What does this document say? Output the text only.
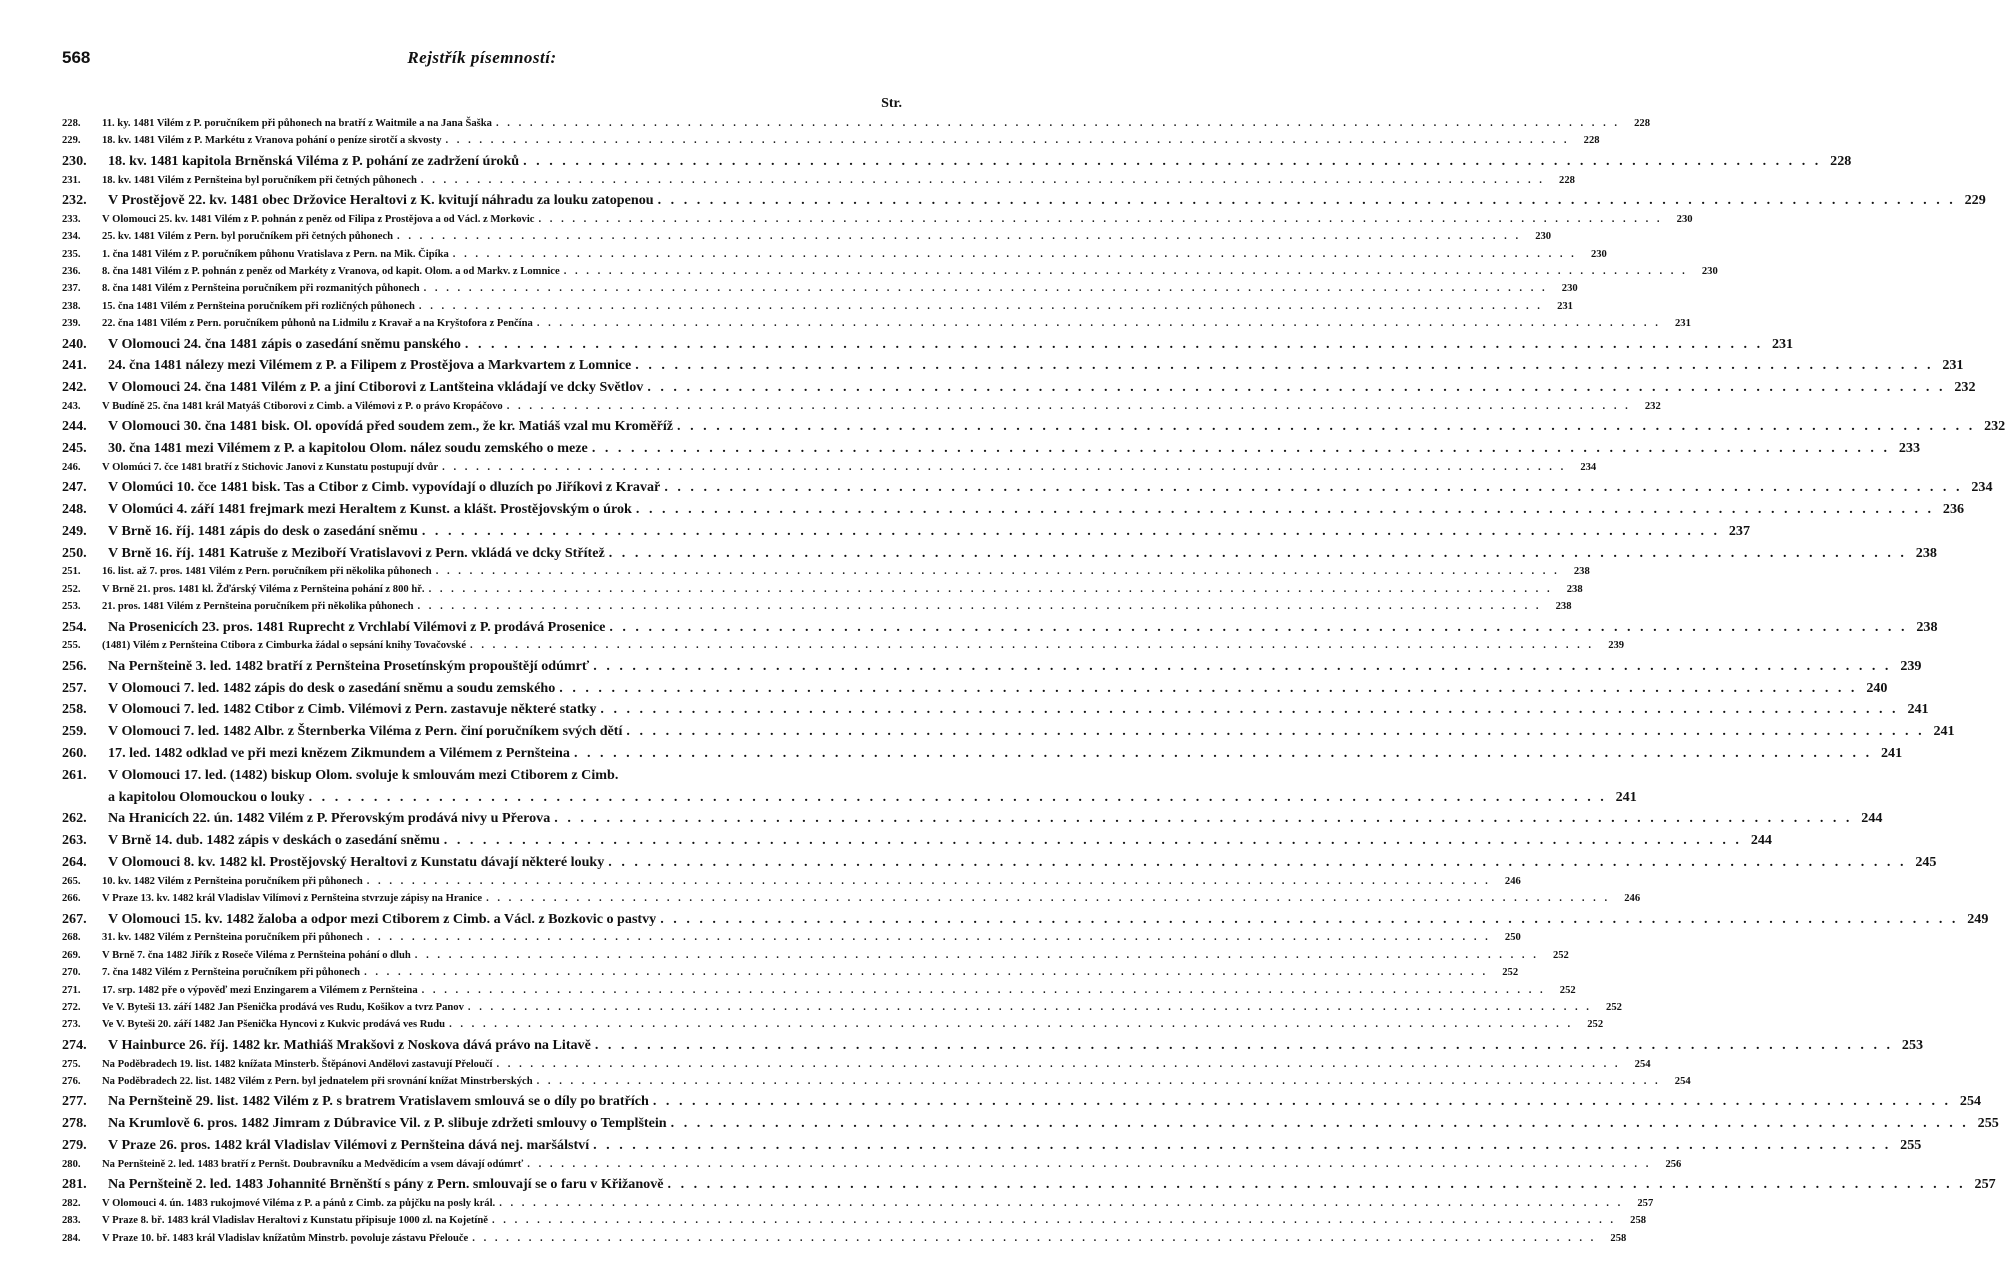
568	Rejstřík písemností:
Str.
228.	11. ky. 1481 Vilém z P. poručníkem při půhonech na bratří z Waitmile a na Jana Šaška . . .	228
229.	18. kv. 1481 Vilém z P. Markétu z Vranova pohání o peníze sirotčí a skvosty . . .	228
230.	18. kv. 1481 kapitola Brněnská Viléma z P. pohání ze zadržení úroků . . .	228
231.	18. kv. 1481 Vilém z Pernšteina byl poručníkem při četných půhonech . . .	228
232.	V Prostějově 22. kv. 1481 obec Držovice Heraltovi z K. kvitují náhradu za louku zatopenou . . .	229
233.	V Olomouci 25. kv. 1481 Vilém z P. pohnán z peněz od Filipa z Prostějova a od Václ. z Morkovic . . .	230
234.	25. kv. 1481 Vilém z Pern. byl poručníkem při četných půhonech . . .	230
235.	1. čna 1481 Vilém z P. poručníkem půhonu Vratislava z Pern. na Mik. Čipíka . . .	230
236.	8. čna 1481 Vilém z P. pohnán z peněz od Markéty z Vranova, od kapit. Olom. a od Markv. z Lomnice . . .	230
237.	8. čna 1481 Vilém z Pernšteina poručníkem při rozmanitých půhonech . . .	230
238.	15. čna 1481 Vilém z Pernšteina poručníkem při rozličných půhonech . . .	231
239.	22. čna 1481 Vilém z Pern. poručníkem půhonů na Lidmilu z Kravař a na Kryštofora z Penčína . . .	231
240.	V Olomouci 24. čna 1481 zápis o zasedání sněmu panského . . .	231
241.	24. čna 1481 nálezy mezi Vilémem z P. a Filipem z Prostějova a Markvartem z Lomnice . . .	231
242.	V Olomouci 24. čna 1481 Vilém z P. a jiní Ctiborovi z Lantšteina vkládají ve dcky Světlov . . .	232
243.	V Budíně 25. čna 1481 král Matyáš Ctiborovi z Cimb. a Vilémovi z P. o právo Kropáčovo . . .	232
244.	V Olomouci 30. čna 1481 bisk. Ol. opovídá před soudem zem., že kr. Matiáš vzal mu Kroměříž . . .	232
245.	30. čna 1481 mezi Vilémem z P. a kapitolou Olom. nález soudu zemského o meze . . .	233
246.	V Olomúci 7. čce 1481 bratří z Stichovic Janovi z Kunstatu postupují dvůr . . .	234
247.	V Olomúci 10. čce 1481 bisk. Tas a Ctibor z Cimb. vypovídají o dluzích po Jiříkovi z Kravař . . .	234
248.	V Olomúci 4. září 1481 frejmark mezi Heraltem z Kunst. a klášt. Prostějovským o úrok . . .	236
249.	V Brně 16. říj. 1481 zápis do desk o zasedání sněmu . . .	237
250.	V Brně 16. říj. 1481 Katruše z Meziboří Vratislavovi z Pern. vkládá ve dcky Střítež . . .	238
251.	16. list. až 7. pros. 1481 Vilém z Pern. poručníkem při několika půhonech . . .	238
252.	V Brně 21. pros. 1481 kl. Žďárský Viléma z Pernšteina pohání z 800 hř. . . .	238
253.	21. pros. 1481 Vilém z Pernšteina poručníkem při několika půhonech . . .	238
254.	Na Prosenicích 23. pros. 1481 Ruprecht z Vrchlabí Vilémovi z P. prodává Prosenice . . .	238
255.	(1481) Vilém z Pernšteina Ctibora z Cimburka žádal o sepsání knihy Tovačovské . . .	239
256.	Na Pernšteině 3. led. 1482 bratří z Pernšteina Prosetínským propouštějí odúmrť . . .	239
257.	V Olomouci 7. led. 1482 zápis do desk o zasedání sněmu a soudu zemského . . .	240
258.	V Olomouci 7. led. 1482 Ctibor z Cimb. Vilémovi z Pern. zastavuje některé statky . . .	241
259.	V Olomouci 7. led. 1482 Albr. z Šternberka Viléma z Pern. činí poručníkem svých dětí . . .	241
260.	17. led. 1482 odklad ve při mezi knězem Zikmundem a Vilémem z Pernšteina . . .	241
261.	V Olomouci 17. led. (1482) biskup Olom. svoluje k smlouvám mezi Ctiborem z Cimb.
a kapitolou Olomouckou o louky . . .	241
262.	Na Hranicích 22. ún. 1482 Vilém z P. Přerovským prodává nivy u Přerova . . .	244
263.	V Brně 14. dub. 1482 zápis v deskách o zasedání sněmu . . .	244
264.	V Olomouci 8. kv. 1482 kl. Prostějovský Heraltovi z Kunstatu dávají některé louky . . .	245
265.	10. kv. 1482 Vilém z Pernšteina poručníkem při půhonech . . .	246
266.	V Praze 13. kv. 1482 král Vladislav Vilímovi z Pernšteina stvrzuje zápisy na Hranice . . .	246
267.	V Olomouci 15. kv. 1482 žaloba a odpor mezi Ctiborem z Cimb. a Václ. z Bozkovic o pastvy . . .	249
268.	31. kv. 1482 Vilém z Pernšteina poručníkem při půhonech . . .	250
269.	V Brně 7. čna 1482 Jiřík z Roseče Viléma z Pernšteina pohání o dluh . . .	252
270.	7. čna 1482 Vilém z Pernšteina poručníkem při půhonech . . .	252
271.	17. srp. 1482 pře o výpověď mezi Enzingarem a Vilémem z Pernšteina . . .	252
272.	Ve V. Byteši 13. září 1482 Jan Pšenička prodává ves Rudu, Košikov a tvrz Panov . . .	252
273.	Ve V. Byteši 20. září 1482 Jan Pšenička Hyncovi z Kukvic prodává ves Rudu . . .	252
274.	V Hainburce 26. říj. 1482 kr. Mathiáš Mrakšovi z Noskova dává právo na Litavě . . .	253
275.	Na Poděbradech 19. list. 1482 knížata Minsterb. Štěpánovi Andělovi zastavují Přeloučí . . .	254
276.	Na Poděbradech 22. list. 1482 Vilém z Pern. byl jednatelem při srovnání knížat Minstrberských . . .	254
277.	Na Pernšteině 29. list. 1482 Vilém z P. s bratrem Vratislavem smlouvá se o díly po bratřích . . .	254
278.	Na Krumlově 6. pros. 1482 Jimram z Dúbravice Vil. z P. slibuje zdržeti smlouvy o Templštein . . .	255
279.	V Praze 26. pros. 1482 král Vladislav Vilémovi z Pernšteina dává nej. maršálství . . .	255
280.	Na Pernšteině 2. led. 1483 bratří z Pernšt. Doubravníku a Medvědicím a vsem dávají odúmrť . . .	256
281.	Na Pernšteině 2. led. 1483 Johannité Brněnští s pány z Pern. smlouvají se o faru v Křižanově . . .	257
282.	V Olomouci 4. ún. 1483 rukojmové Viléma z P. a pánů z Cimb. za půjčku na posly král. . . .	257
283.	V Praze 8. bř. 1483 král Vladislav Heraltovi z Kunstatu připisuje 1000 zl. na Kojetíně . . .	258
284.	V Praze 10. bř. 1483 král Vladislav knížatům Minstrb. povoluje zástavu Přelouče . . .	258
